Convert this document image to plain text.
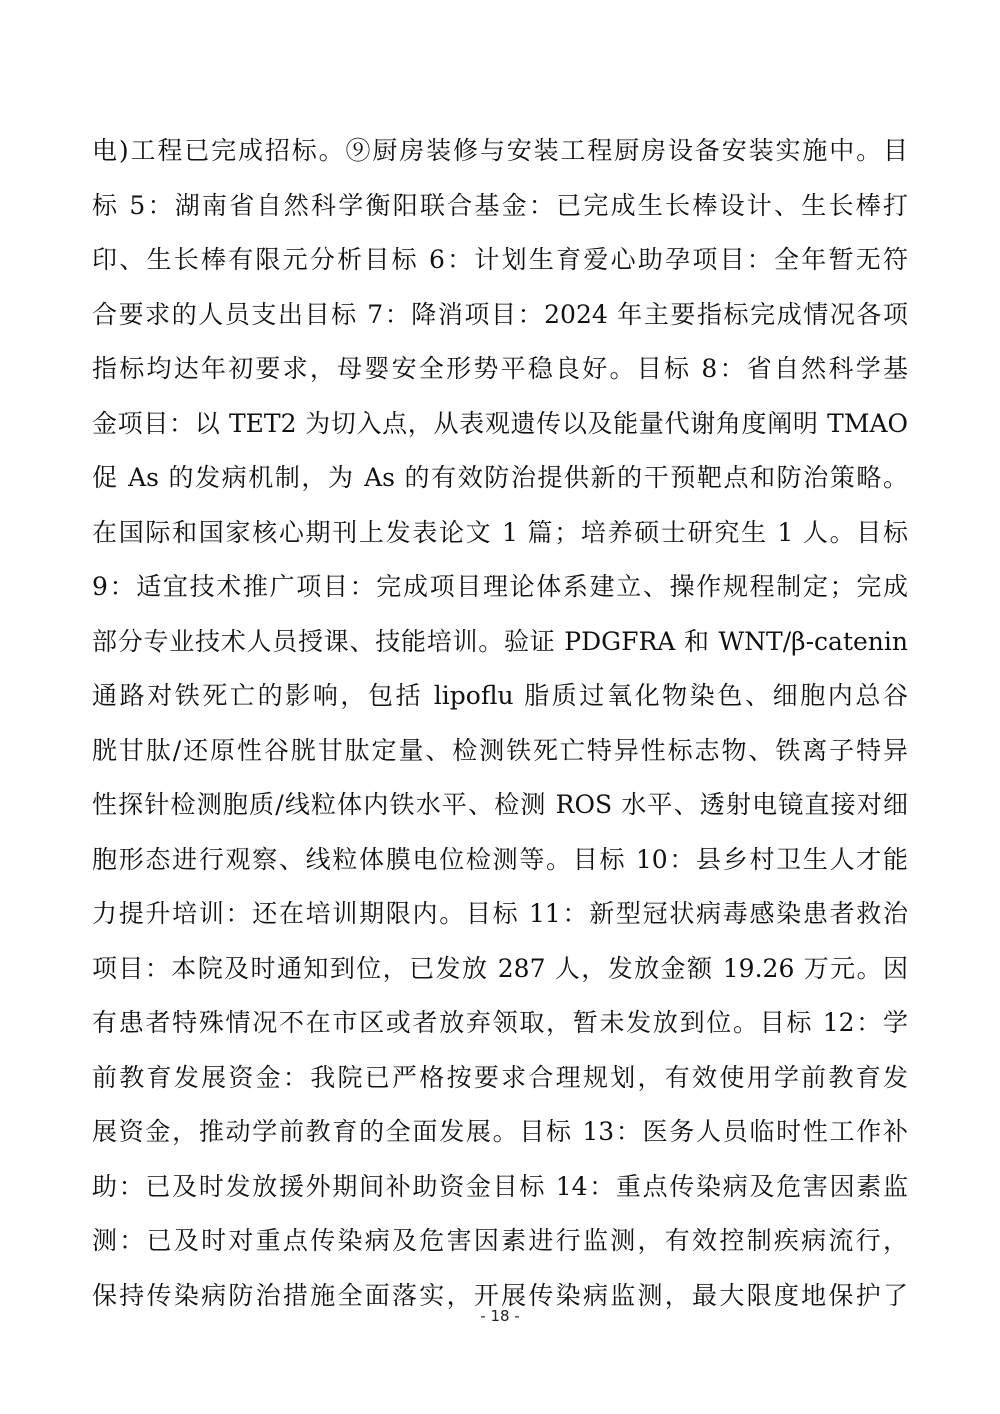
电)工程已完成招标。⑨厨房装修与安装工程厨房设备安装实施中。目
标 5：湖南省自然科学衡阳联合基金：已完成生长棒设计、生长棒打
印、生长棒有限元分析目标 6：计划生育爱心助孕项目：全年暂无符
合要求的人员支出目标 7：降消项目：2024 年主要指标完成情况各项
指标均达年初要求，母婴安全形势平稳良好。目标 8：省自然科学基
金项目：以 TET2 为切入点，从表观遗传以及能量代谢角度阐明 TMAO
促 As 的发病机制，为 As 的有效防治提供新的干预靶点和防治策略。
在国际和国家核心期刊上发表论文 1 篇；培养硕士研究生 1 人。目标
9：适宜技术推广项目：完成项目理论体系建立、操作规程制定；完成
部分专业技术人员授课、技能培训。验证 PDGFRA 和 WNT/β-catenin
通路对铁死亡的影响，包括 lipoflu 脂质过氧化物染色、细胞内总谷
胱甘肽/还原性谷胱甘肽定量、检测铁死亡特异性标志物、铁离子特异
性探针检测胞质/线粒体内铁水平、检测 ROS 水平、透射电镜直接对细
胞形态进行观察、线粒体膜电位检测等。目标 10：县乡村卫生人才能
力提升培训：还在培训期限内。目标 11：新型冠状病毒感染患者救治
项目：本院及时通知到位，已发放 287 人，发放金额 19.26 万元。因
有患者特殊情况不在市区或者放弃领取，暂未发放到位。目标 12：学
前教育发展资金：我院已严格按要求合理规划，有效使用学前教育发
展资金，推动学前教育的全面发展。目标 13：医务人员临时性工作补
助：已及时发放援外期间补助资金目标 14：重点传染病及危害因素监
测：已及时对重点传染病及危害因素进行监测，有效控制疾病流行，
保持传染病防治措施全面落实，开展传染病监测，最大限度地保护了
- 18 -
